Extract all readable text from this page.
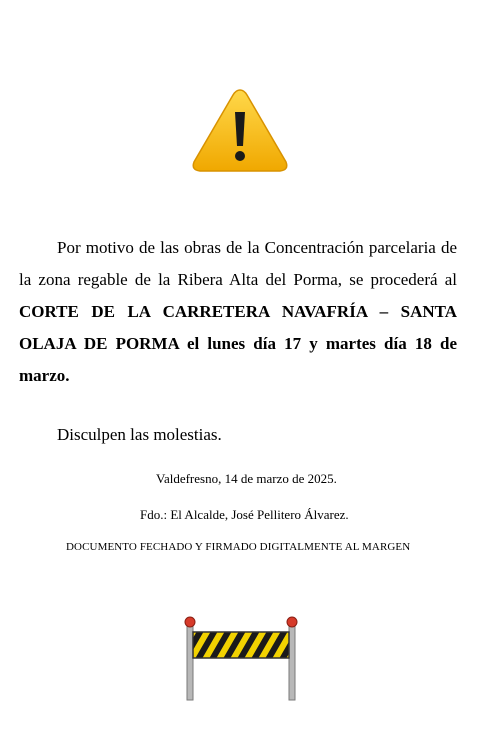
Por motivo de las obras de la Concentración parcelaria de la zona regable de la Ribera Alta del Porma, se procederá al CORTE DE LA CARRETERA NAVAFRÍA – SANTA OLAJA DE PORMA el lunes día 17 y martes día 18 de marzo.

Disculpen las molestias.
Valdefresno, 14 de marzo de 2025.
Fdo.: El Alcalde, José Pellitero Álvarez.
DOCUMENTO FECHADO Y FIRMADO DIGITALMENTE AL MARGEN
